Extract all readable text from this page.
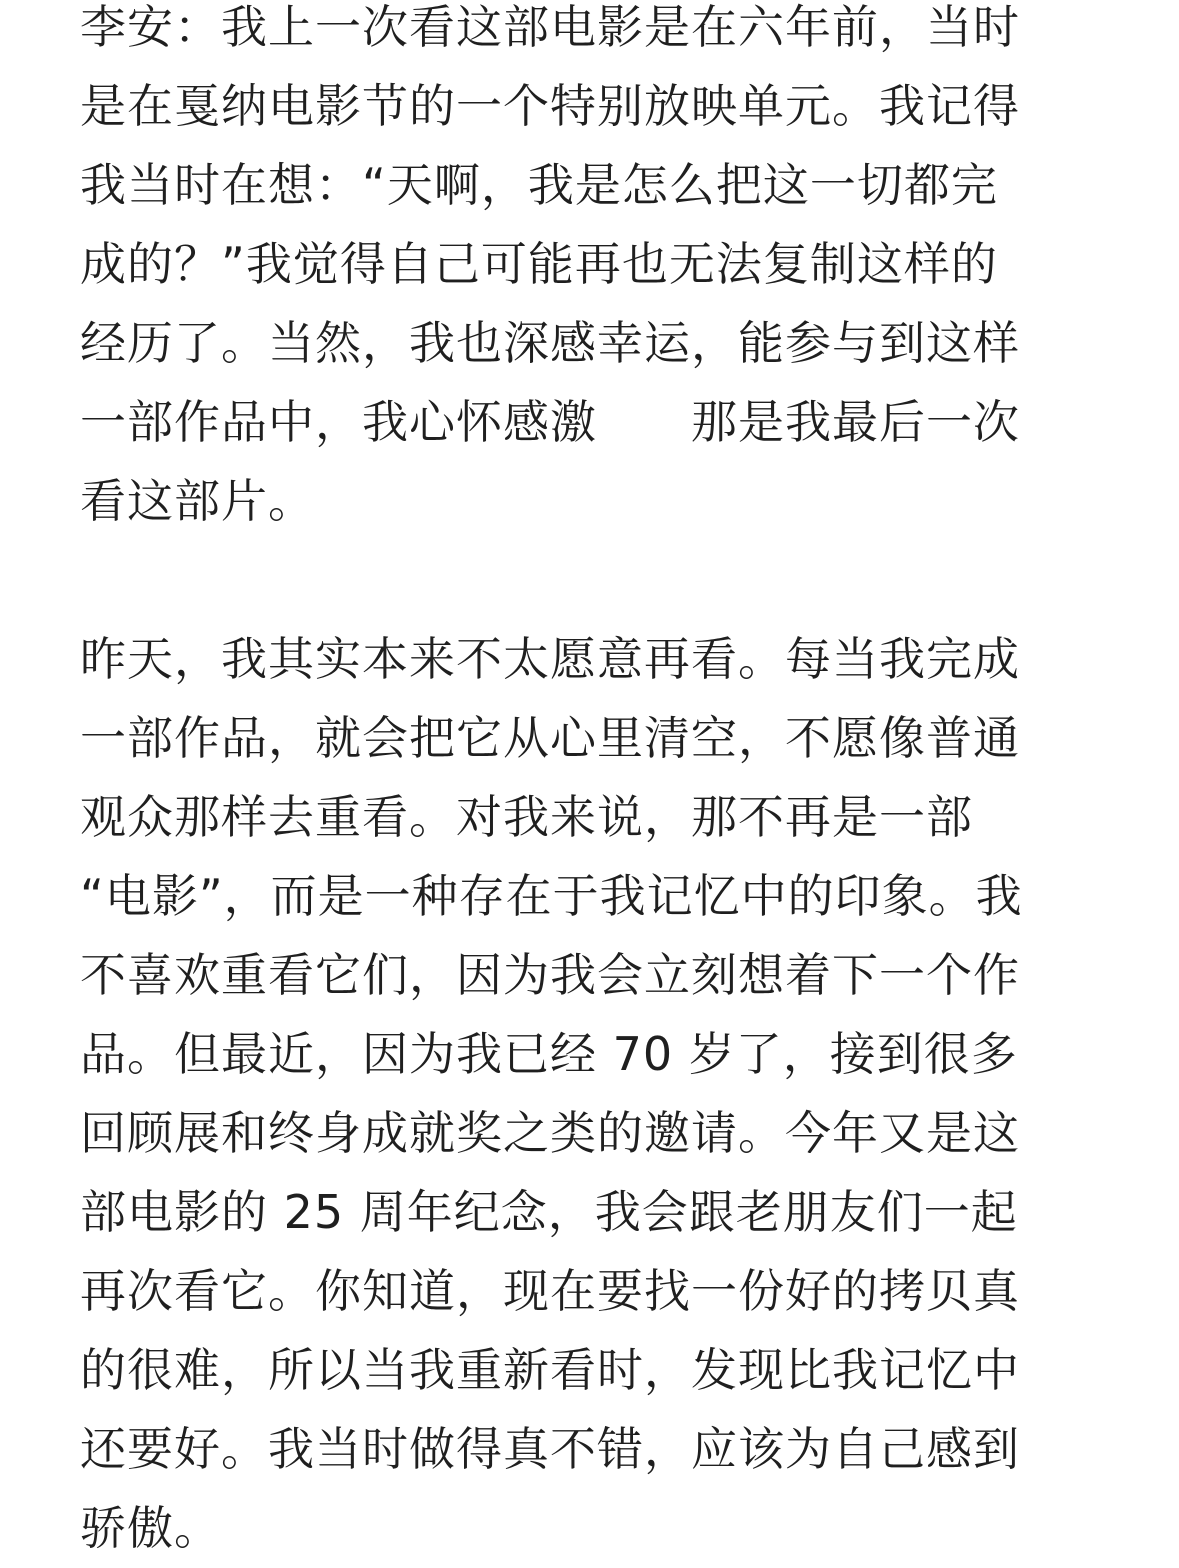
李安：我上一次看这部电影是在六年前，当时
是在戛纳电影节的一个特别放映单元。我记得
我当时在想：“天啊，我是怎么把这一切都完
成的？”我觉得自己可能再也无法复制这样的
经历了。当然，我也深感幸运，能参与到这样
一部作品中，我心怀感激　　那是我最后一次
看这部片。
昨天，我其实本来不太愿意再看。每当我完成
一部作品，就会把它从心里清空，不愿像普通
观众那样去重看。对我来说，那不再是一部
“电影”，而是一种存在于我记忆中的印象。我
不喜欢重看它们，因为我会立刻想着下一个作
品。但最近，因为我已经 70 岁了，接到很多
回顾展和终身成就奖之类的邀请。今年又是这
部电影的 25 周年纪念，我会跟老朋友们一起
再次看它。你知道，现在要找一份好的拷贝真
的很难，所以当我重新看时，发现比我记忆中
还要好。我当时做得真不错，应该为自己感到
骄傲。
